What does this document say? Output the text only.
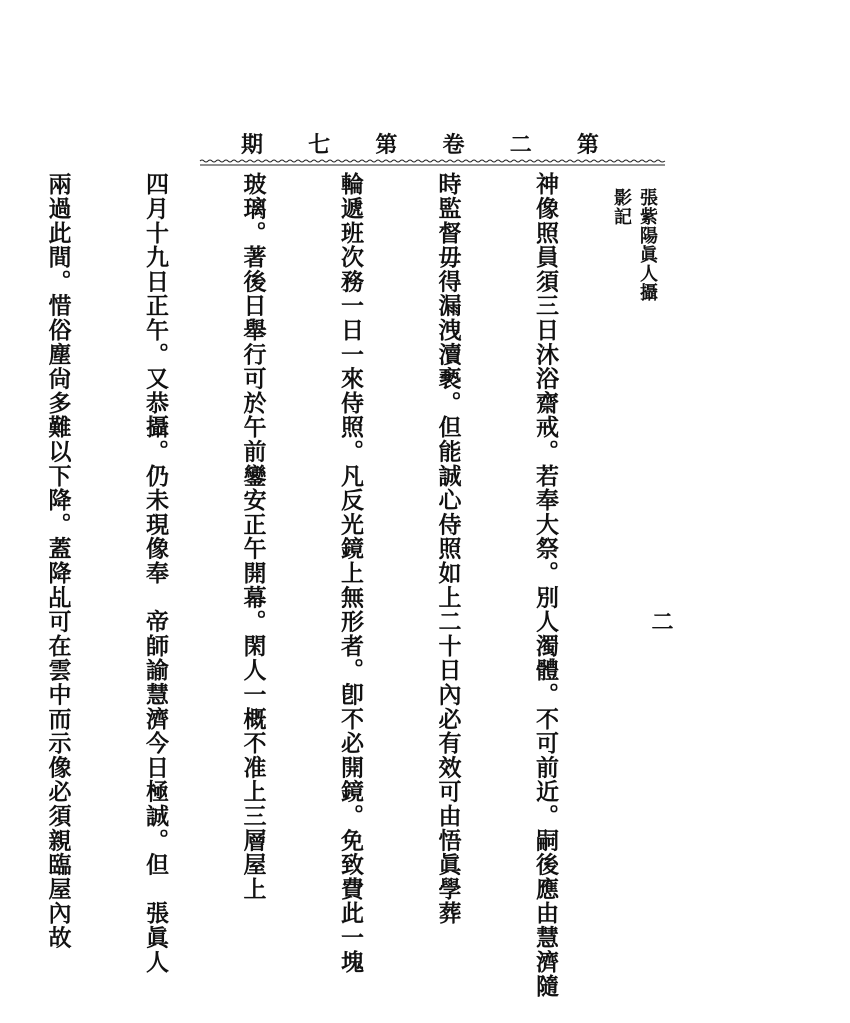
第
二
卷
第
七
期
張紫陽眞人攝影記
二

神像照員須三日沐浴齋戒。若奉大祭。別人濁體。不可前近。嗣後應由慧濟隨

時監督毋得漏洩瀆褻。但能誠心侍照如上二十日內必有效可由悟眞學葬

輪遞班次務一日一來侍照。凡反光鏡上無形者。卽不必開鏡。免致費此一塊

玻璃。著後日舉行可於午前鑾安正午開幕。閑人一概不准上三層屋上

四月十九日正午。又恭攝。仍未現像奉　帝師諭慧濟今日極誠。但　張眞人

兩過此間。惜俗塵尙多難以下降。蓋降乩可在雲中而示像必須親臨屋內故
